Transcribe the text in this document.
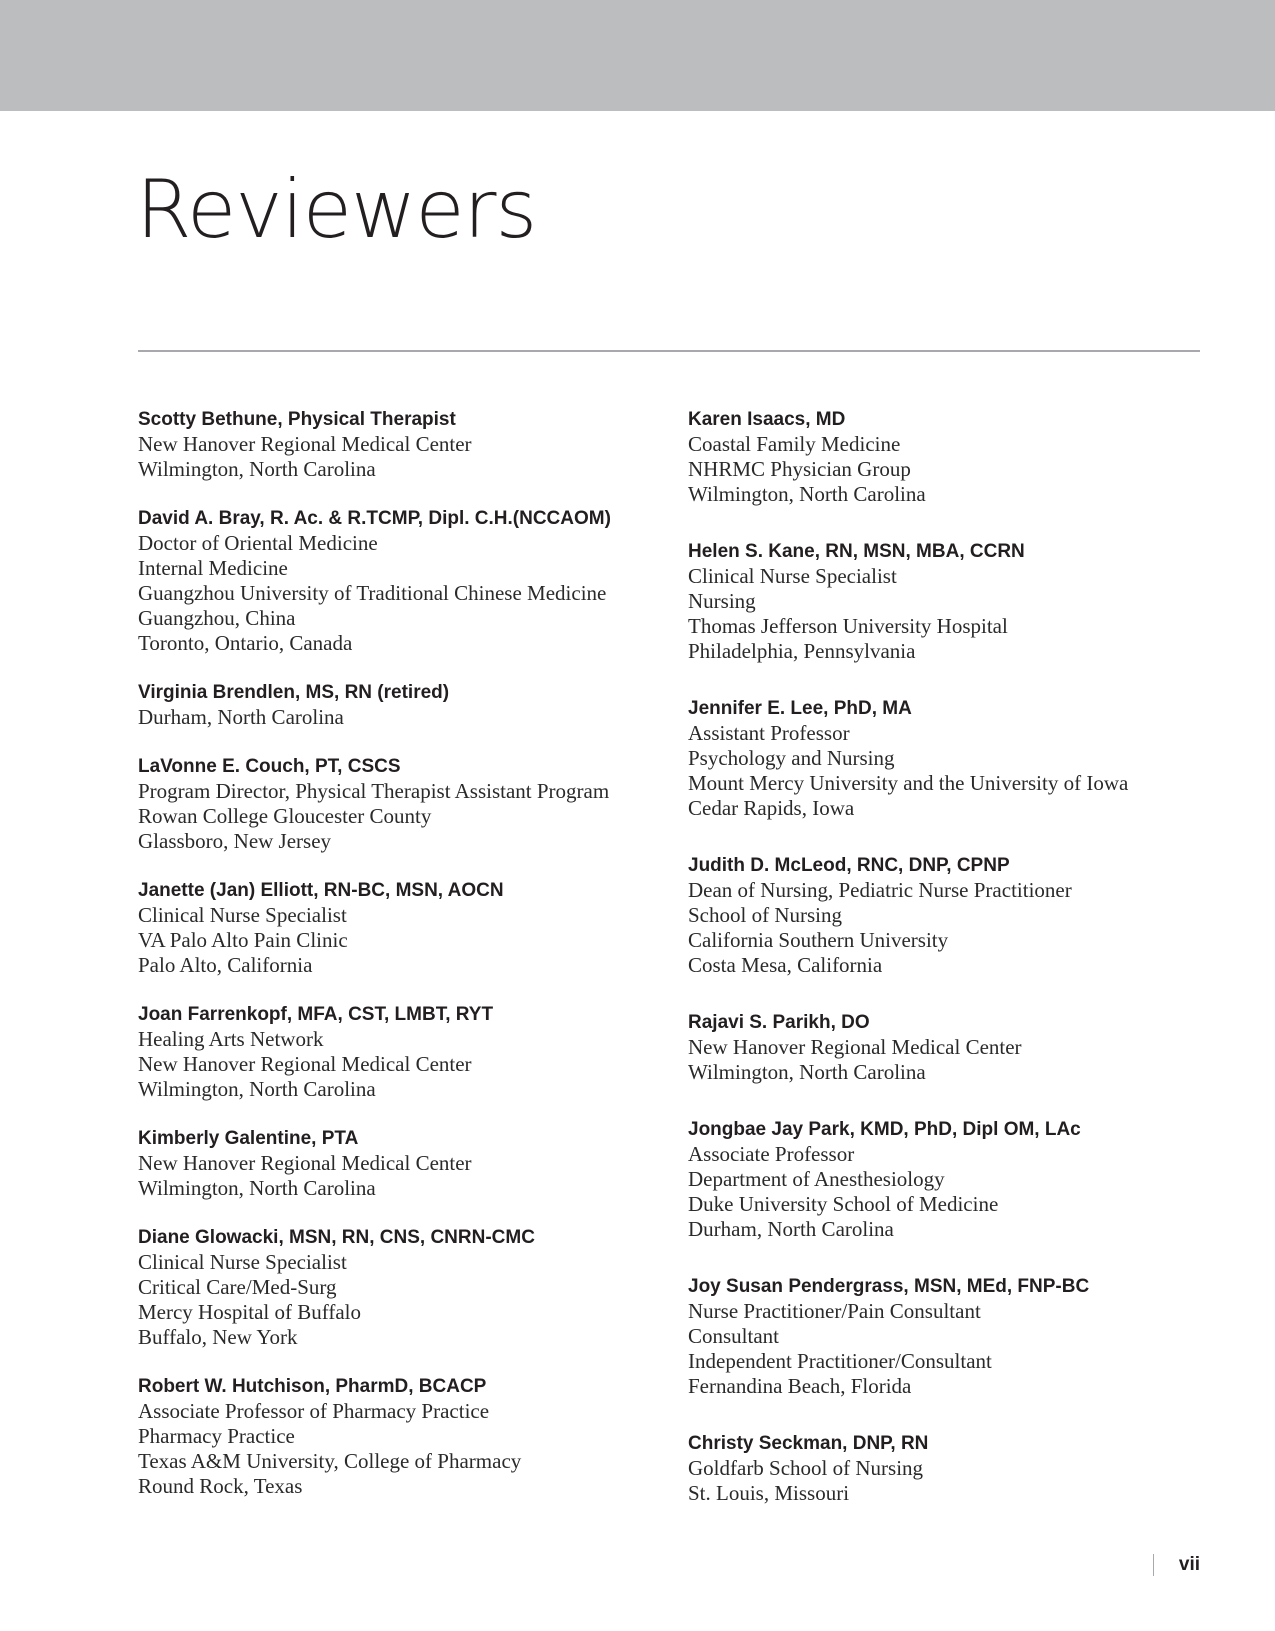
Reviewers
Scotty Bethune, Physical Therapist
New Hanover Regional Medical Center
Wilmington, North Carolina
David A. Bray, R. Ac. & R.TCMP, Dipl. C.H.(NCCAOM)
Doctor of Oriental Medicine
Internal Medicine
Guangzhou University of Traditional Chinese Medicine
Guangzhou, China
Toronto, Ontario, Canada
Virginia Brendlen, MS, RN (retired)
Durham, North Carolina
LaVonne E. Couch, PT, CSCS
Program Director, Physical Therapist Assistant Program
Rowan College Gloucester County
Glassboro, New Jersey
Janette (Jan) Elliott, RN-BC, MSN, AOCN
Clinical Nurse Specialist
VA Palo Alto Pain Clinic
Palo Alto, California
Joan Farrenkopf, MFA, CST, LMBT, RYT
Healing Arts Network
New Hanover Regional Medical Center
Wilmington, North Carolina
Kimberly Galentine, PTA
New Hanover Regional Medical Center
Wilmington, North Carolina
Diane Glowacki, MSN, RN, CNS, CNRN-CMC
Clinical Nurse Specialist
Critical Care/Med-Surg
Mercy Hospital of Buffalo
Buffalo, New York
Robert W. Hutchison, PharmD, BCACP
Associate Professor of Pharmacy Practice
Pharmacy Practice
Texas A&M University, College of Pharmacy
Round Rock, Texas
Karen Isaacs, MD
Coastal Family Medicine
NHRMC Physician Group
Wilmington, North Carolina
Helen S. Kane, RN, MSN, MBA, CCRN
Clinical Nurse Specialist
Nursing
Thomas Jefferson University Hospital
Philadelphia, Pennsylvania
Jennifer E. Lee, PhD, MA
Assistant Professor
Psychology and Nursing
Mount Mercy University and the University of Iowa
Cedar Rapids, Iowa
Judith D. McLeod, RNC, DNP, CPNP
Dean of Nursing, Pediatric Nurse Practitioner
School of Nursing
California Southern University
Costa Mesa, California
Rajavi S. Parikh, DO
New Hanover Regional Medical Center
Wilmington, North Carolina
Jongbae Jay Park, KMD, PhD, Dipl OM, LAc
Associate Professor
Department of Anesthesiology
Duke University School of Medicine
Durham, North Carolina
Joy Susan Pendergrass, MSN, MEd, FNP-BC
Nurse Practitioner/Pain Consultant
Consultant
Independent Practitioner/Consultant
Fernandina Beach, Florida
Christy Seckman, DNP, RN
Goldfarb School of Nursing
St. Louis, Missouri
vii
